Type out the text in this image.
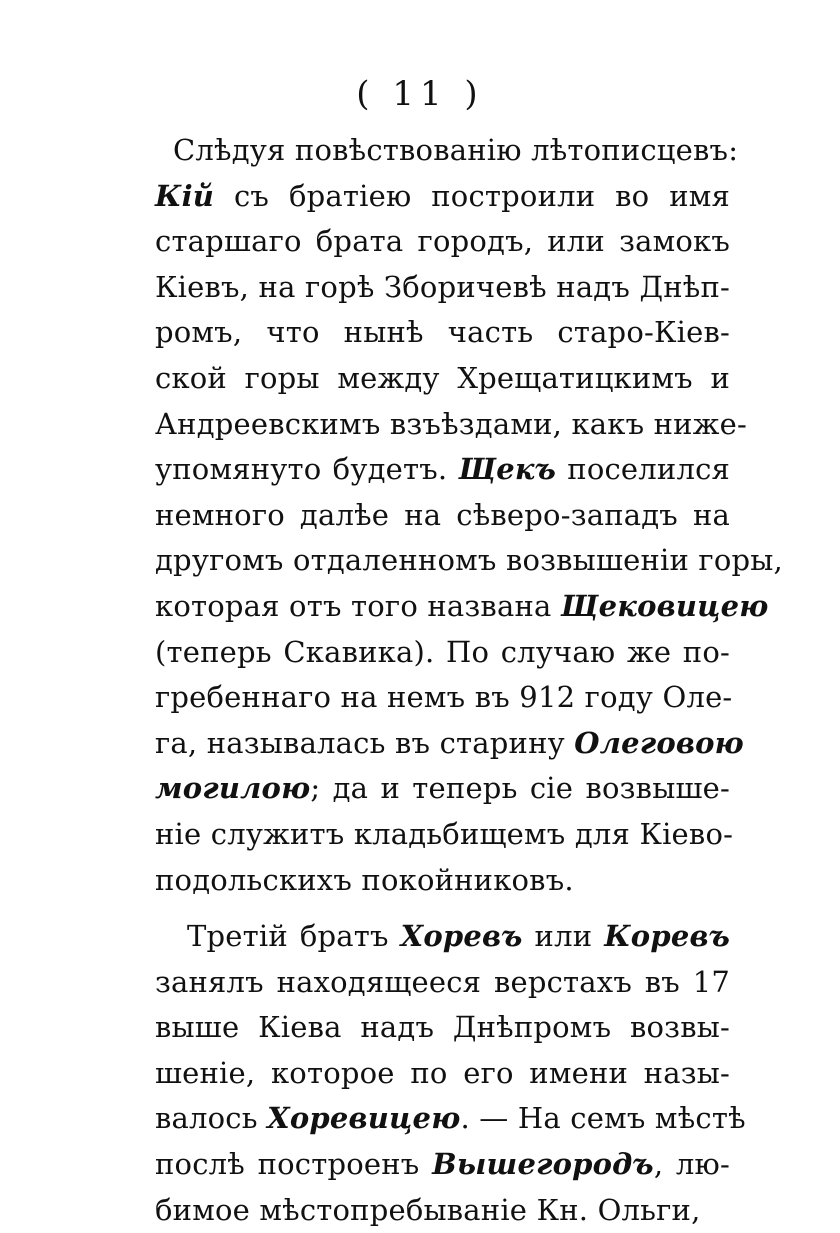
( 11 )
Слѣдуя повѣствованію лѣтописцевъ:
Кій съ братіею построили во имя
старшаго брата городъ, или замокъ
Кіевъ, на горѣ Зборичевѣ надъ Днѣп-
ромъ, что нынѣ часть старо-Кіев-
ской горы между Хрещатицкимъ и
Андреевскимъ взъѣздами, какъ ниже-
упомянуто будетъ. Щекъ поселился
немного далѣе на сѣверо-западъ на
другомъ отдаленномъ возвышеніи горы,
которая отъ того названа Щековицею
(теперь Скавика). По случаю же по-
гребеннаго на немъ въ 912 году Оле-
га, называлась въ старину Олеговою
могилою; да и теперь сіе возвыше-
ніе служитъ кладьбищемъ для Кіево-
подольскихъ покойниковъ.
Третій братъ Хоревъ или Коревъ
занялъ находящееся верстахъ въ 17
выше Кіева надъ Днѣпромъ возвы-
шеніе, которое по его имени назы-
валось Хоревицею. — На семъ мѣстѣ
послѣ построенъ Вышегородъ, лю-
бимое мѣстопребываніе Кн. Ольги,
